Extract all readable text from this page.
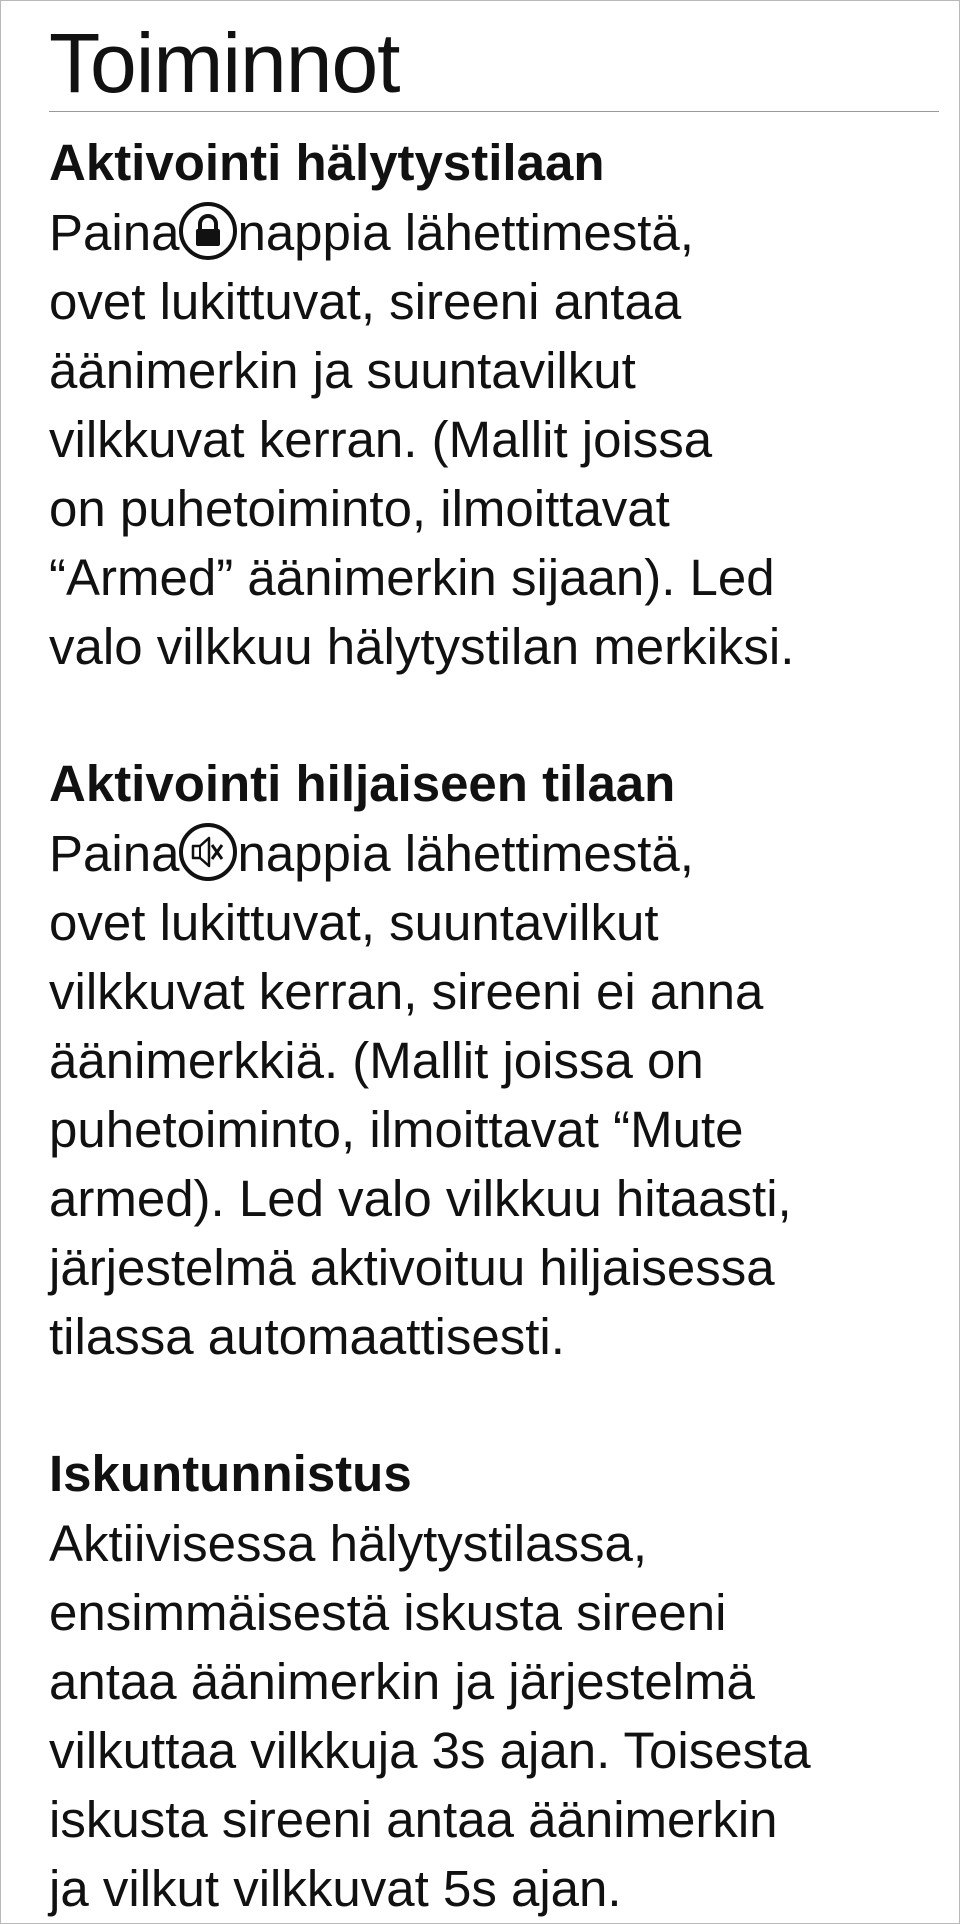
Toiminnot
Aktivointi hälytystilaan
Paina nappia lähettimestä,
ovet lukittuvat, sireeni antaa
äänimerkin ja suuntavilkut
vilkkuvat kerran. (Mallit joissa
on puhetoiminto, ilmoittavat
“Armed” äänimerkin sijaan). Led
valo vilkkuu hälytystilan merkiksi.
Aktivointi hiljaiseen tilaan
Paina nappia lähettimestä,
ovet lukittuvat, suuntavilkut
vilkkuvat kerran, sireeni ei anna
äänimerkkiä. (Mallit joissa on
puhetoiminto, ilmoittavat “Mute
armed). Led valo vilkkuu hitaasti,
järjestelmä aktivoituu hiljaisessa
tilassa automaattisesti.
Iskuntunnistus
Aktiivisessa hälytystilassa,
ensimmäisestä iskusta sireeni
antaa äänimerkin ja järjestelmä
vilkuttaa vilkkuja 3s ajan. Toisesta
iskusta sireeni antaa äänimerkin
ja vilkut vilkkuvat 5s ajan.
